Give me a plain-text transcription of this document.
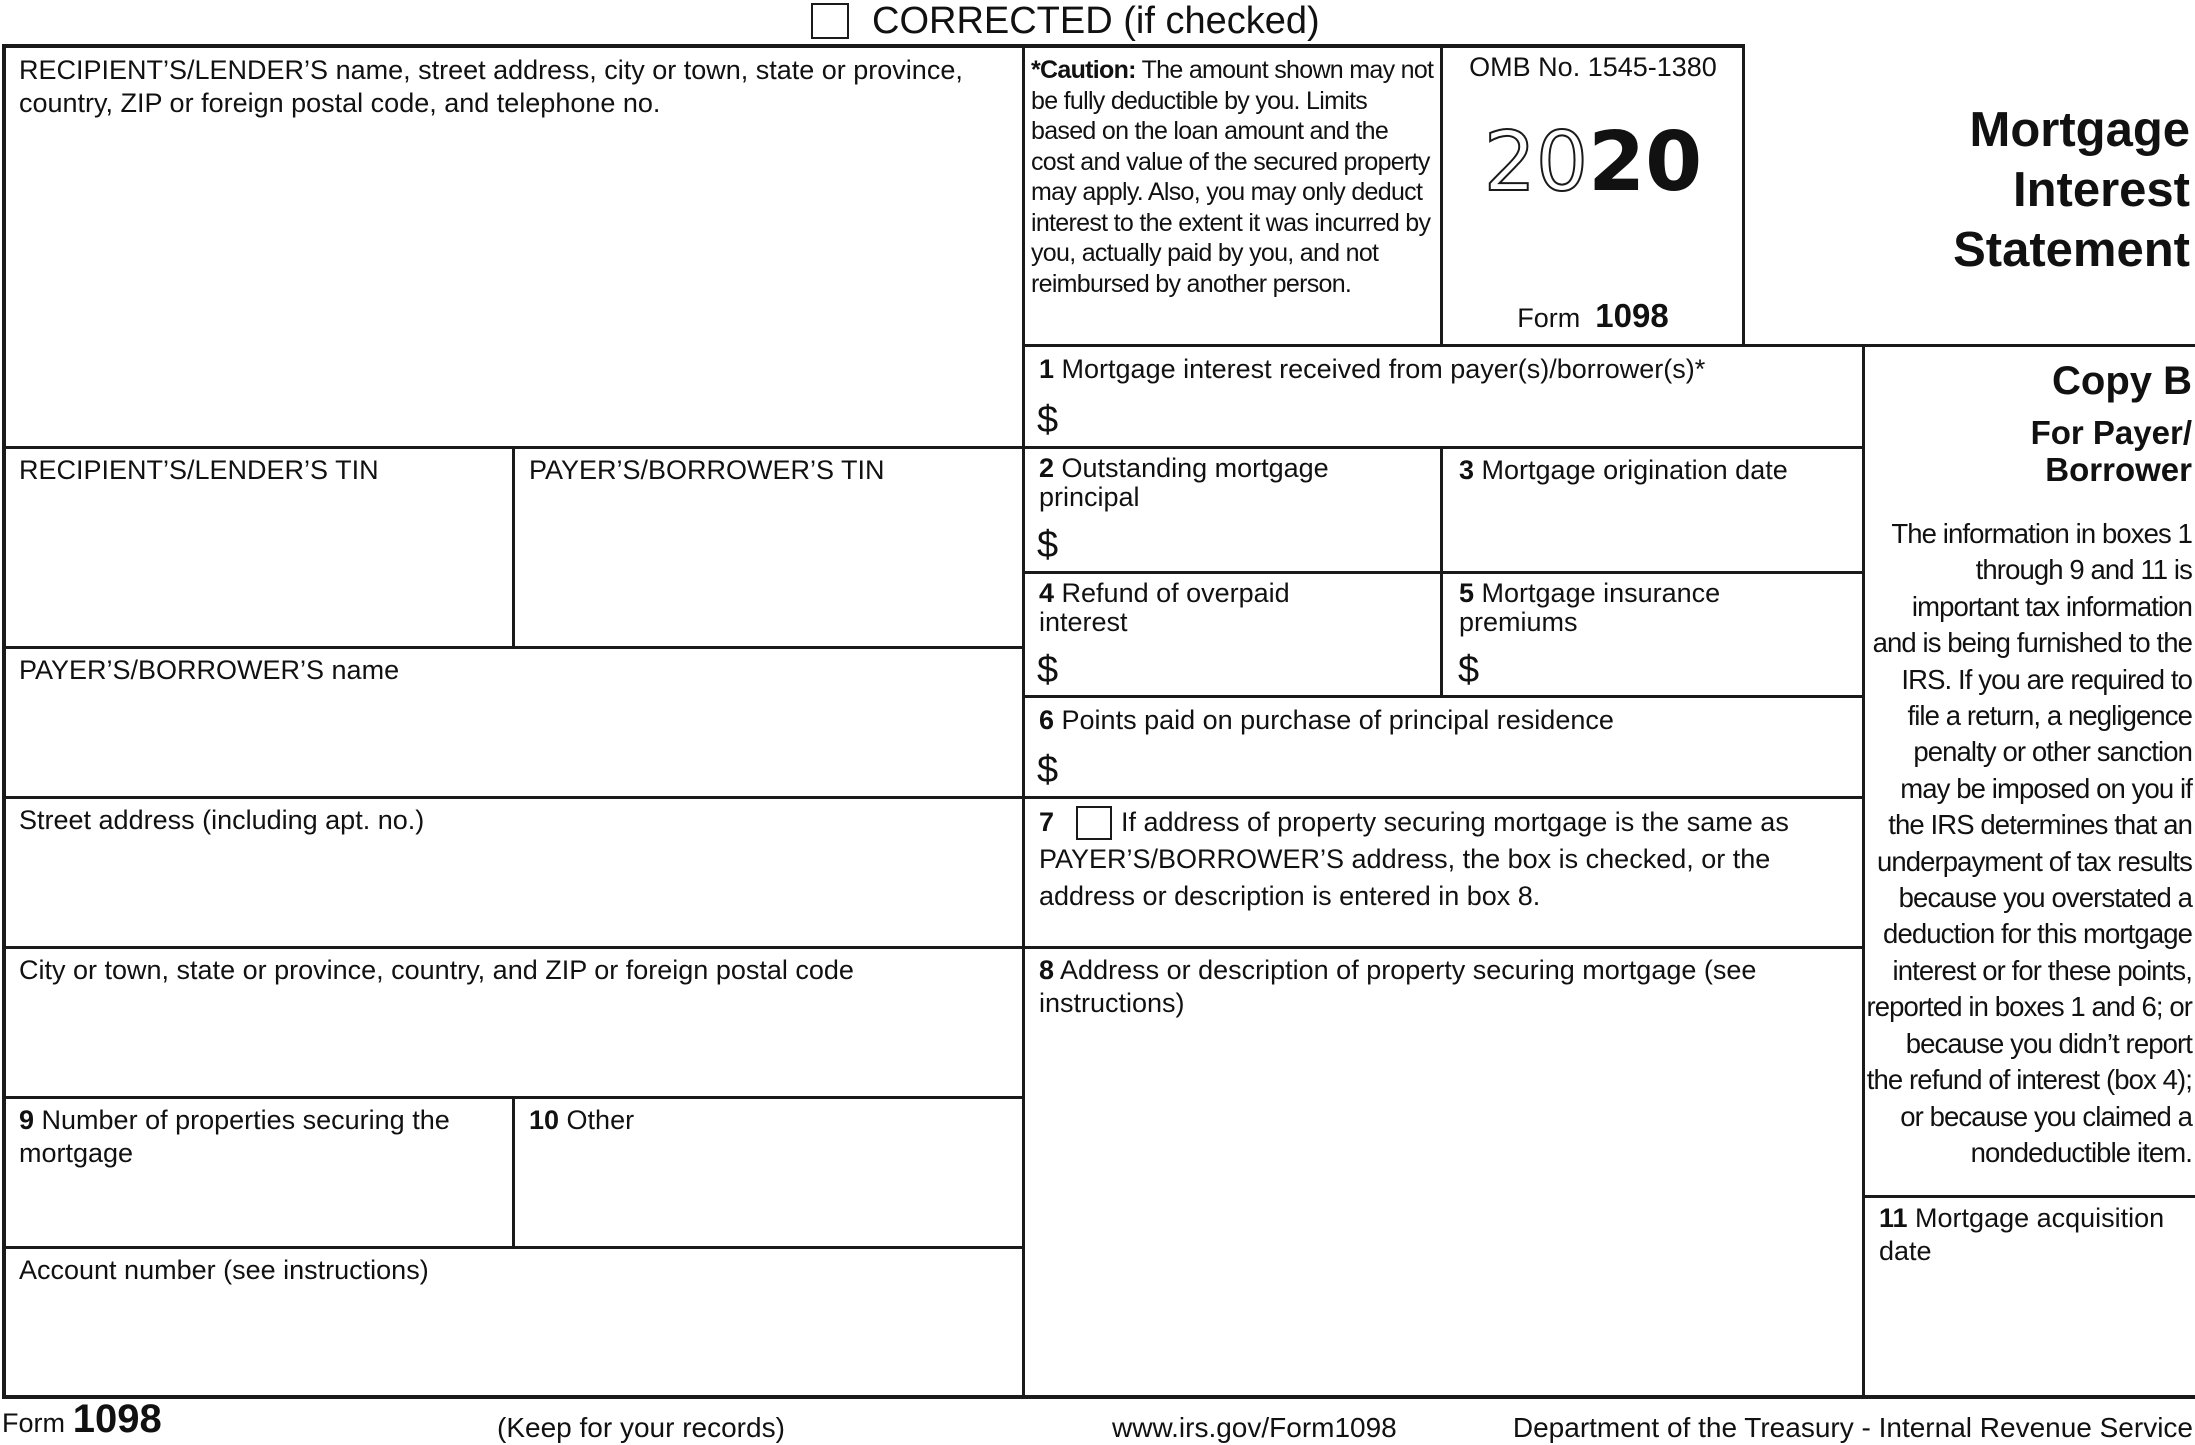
CORRECTED (if checked)
RECIPIENT’S/LENDER’S name, street address, city or town, state or province, country, ZIP or foreign postal code, and telephone no.
RECIPIENT’S/LENDER’S TIN	PAYER’S/BORROWER’S TIN
PAYER’S/BORROWER’S name
Street address (including apt. no.)
City or town, state or province, country, and ZIP or foreign postal code
9 Number of properties securing the mortgage
10 Other
Account number (see instructions)
*Caution: The amount shown may not be fully deductible by you. Limits based on the loan amount and the cost and value of the secured property may apply. Also, you may only deduct interest to the extent it was incurred by you, actually paid by you, and not reimbursed by another person.
OMB No. 1545-1380
2020
Form 1098
Mortgage
Interest
Statement
Copy B
For Payer/
Borrower
The information in boxes 1 through 9 and 11 is important tax information and is being furnished to the IRS. If you are required to file a return, a negligence penalty or other sanction may be imposed on you if the IRS determines that an underpayment of tax results because you overstated a deduction for this mortgage interest or for these points, reported in boxes 1 and 6; or because you didn’t report the refund of interest (box 4); or because you claimed a nondeductible item.
11 Mortgage acquisition date
1 Mortgage interest received from payer(s)/borrower(s)*
$
2 Outstanding mortgage principal
$
3 Mortgage origination date
4 Refund of overpaid interest
$
5 Mortgage insurance premiums
$
6 Points paid on purchase of principal residence
$
7	If address of property securing mortgage is the same as PAYER’S/BORROWER’S address, the box is checked, or the address or description is entered in box 8.
8 Address or description of property securing mortgage (see instructions)
Form 1098	(Keep for your records)	www.irs.gov/Form1098	Department of the Treasury - Internal Revenue Service
